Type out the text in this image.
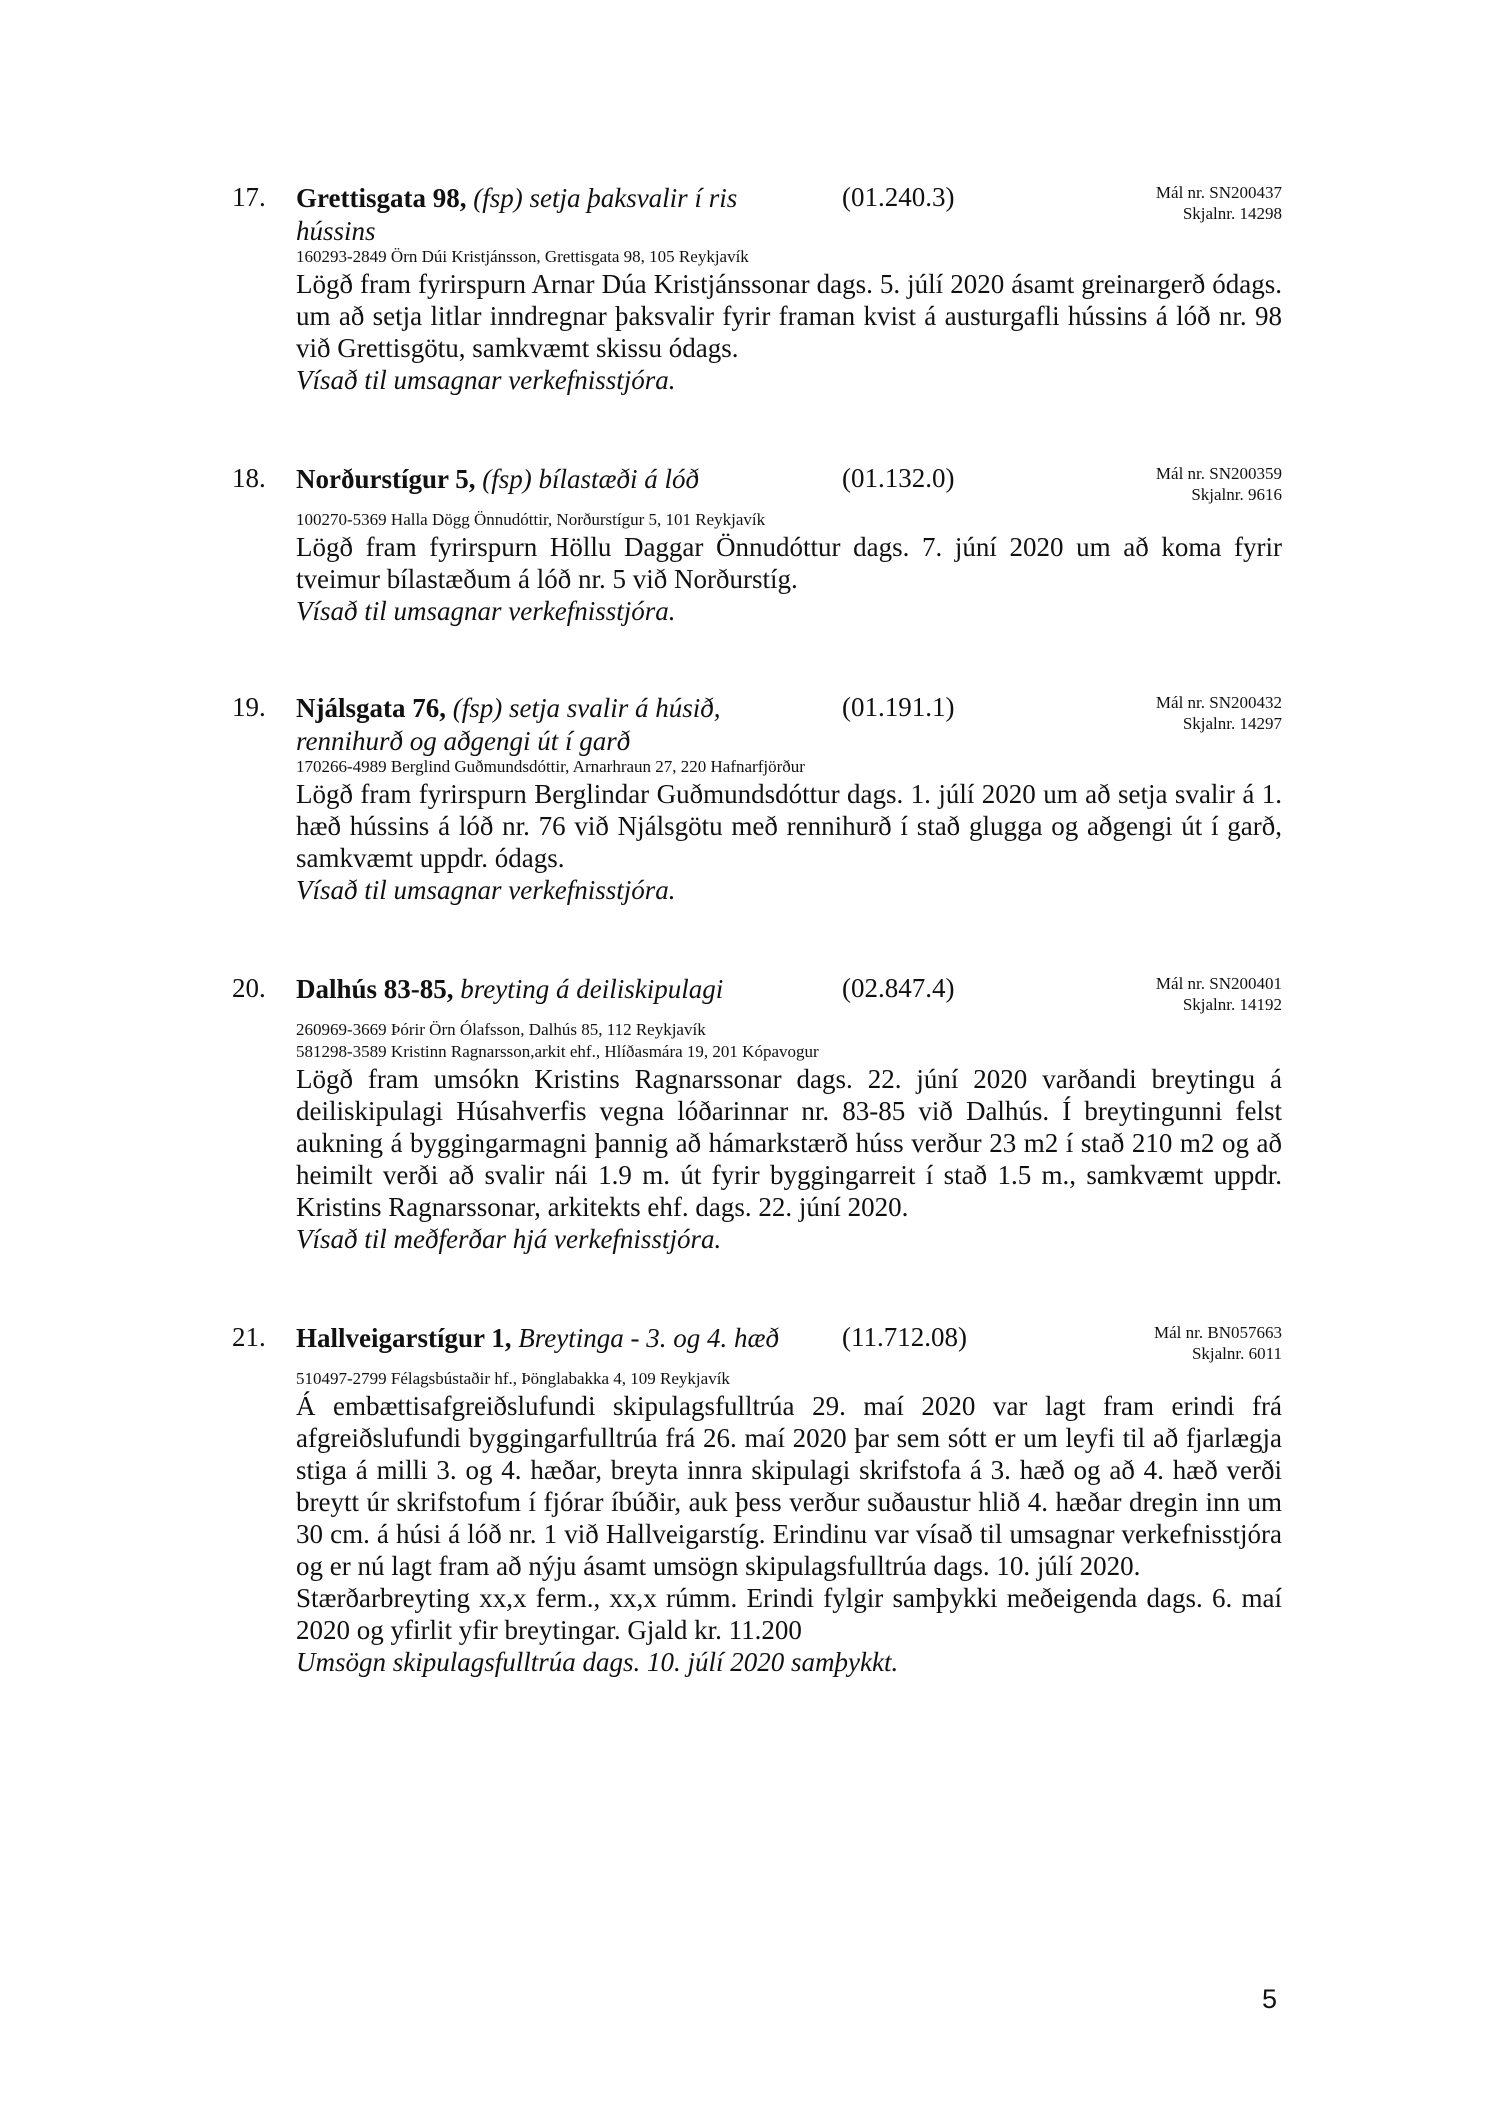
17. Grettisgata 98, (fsp) setja þaksvalir í ris hússins
(01.240.3)	Mál nr. SN200437
Skjalnr. 14298
160293-2849 Örn Dúi Kristjánsson, Grettisgata 98, 105 Reykjavík

Lögð fram fyrirspurn Arnar Dúa Kristjánssonar dags. 5. júlí 2020 ásamt greinargerð ódags. um að setja litlar inndregnar þaksvalir fyrir framan kvist á austurgafli hússins á lóð nr. 98 við Grettisgötu, samkvæmt skissu ódags.

Vísað til umsagnar verkefnisstjóra.

18. Norðurstígur 5, (fsp) bílastæði á lóð	(01.132.0)	Mál nr. SN200359
Skjalnr. 9616
100270-5369 Halla Dögg Önnudóttir, Norðurstígur 5, 101 Reykjavík

Lögð fram fyrirspurn Höllu Daggar Önnudóttur dags. 7. júní 2020 um að koma fyrir tveimur bílastæðum á lóð nr. 5 við Norðurstíg.

Vísað til umsagnar verkefnisstjóra.

19. Njálsgata 76, (fsp) setja svalir á húsið, rennihurð og aðgengi út í garð
(01.191.1)	Mál nr. SN200432
Skjalnr. 14297
170266-4989 Berglind Guðmundsdóttir, Arnarhraun 27, 220 Hafnarfjörður

Lögð fram fyrirspurn Berglindar Guðmundsdóttur dags. 1. júlí 2020 um að setja svalir á 1. hæð hússins á lóð nr. 76 við Njálsgötu með rennihurð í stað glugga og aðgengi út í garð, samkvæmt uppdr. ódags.

Vísað til umsagnar verkefnisstjóra.

20. Dalhús 83-85, breyting á deiliskipulagi	(02.847.4)	Mál nr. SN200401
Skjalnr. 14192
260969-3669 Þórir Örn Ólafsson, Dalhús 85, 112 Reykjavík
581298-3589 Kristinn Ragnarsson,arkit ehf., Hlíðasmára 19, 201 Kópavogur

Lögð fram umsókn Kristins Ragnarssonar dags. 22. júní 2020 varðandi breytingu á deiliskipulagi Húsahverfis vegna lóðarinnar nr. 83-85 við Dalhús. Í breytingunni felst aukning á byggingarmagni þannig að hámarkstærð húss verður 23 m2 í stað 210 m2 og að heimilt verði að svalir nái 1.9 m. út fyrir byggingarreit í stað 1.5 m., samkvæmt uppdr. Kristins Ragnarssonar, arkitekts ehf. dags. 22. júní 2020.

Vísað til meðferðar hjá verkefnisstjóra.

21. Hallveigarstígur 1, Breytinga - 3. og 4. hæð	(11.712.08)	Mál nr. BN057663
Skjalnr. 6011
510497-2799 Félagsbústaðir hf., Þönglabakka 4, 109 Reykjavík

Á embættisafgreiðslufundi skipulagsfulltrúa 29. maí 2020 var lagt fram erindi frá afgreiðslufundi byggingarfulltrúa frá 26. maí 2020 þar sem sótt er um leyfi til að fjarlægja stiga á milli 3. og 4. hæðar, breyta innra skipulagi skrifstofa á 3. hæð og að 4. hæð verði breytt úr skrifstofum í fjórar íbúðir, auk þess verður suðaustur hlið 4. hæðar dregin inn um 30 cm. á húsi á lóð nr. 1 við Hallveigarstíg. Erindinu var vísað til umsagnar verkefnisstjóra og er nú lagt fram að nýju ásamt umsögn skipulagsfulltrúa dags. 10. júlí 2020.

Stærðarbreyting xx,x ferm., xx,x rúmm. Erindi fylgir samþykki meðeigenda dags. 6. maí 2020 og yfirlit yfir breytingar. Gjald kr. 11.200

Umsögn skipulagsfulltrúa dags. 10. júlí 2020 samþykkt.

5
